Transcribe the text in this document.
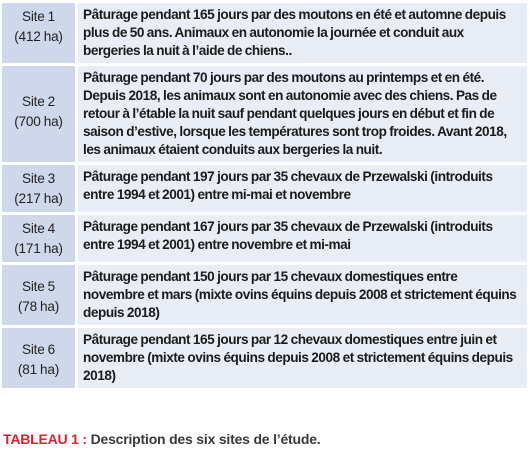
Site 1
(412 ha)	Pâturage pendant 165 jours par des moutons en été et automne depuis plus de 50 ans. Animaux en autonomie la journée et conduit aux bergeries la nuit à l’aide de chiens..

Site 2
(700 ha)	Pâturage pendant 70 jours par des moutons au printemps et en été. Depuis 2018, les animaux sont en autonomie avec des chiens. Pas de retour à l’étable la nuit sauf pendant quelques jours en début et fin de saison d’estive, lorsque les températures sont trop froides. Avant 2018, les animaux étaient conduits aux bergeries la nuit.

Site 3
(217 ha)	Pâturage pendant 197 jours par 35 chevaux de Przewalski (introduits entre 1994 et 2001) entre mi-mai et novembre

Site 4
(171 ha)	Pâturage pendant 167 jours par 35 chevaux de Przewalski (introduits entre 1994 et 2001) entre novembre et mi-mai

Site 5
(78 ha)	Pâturage pendant 150 jours par 15 chevaux domestiques entre novembre et mars (mixte ovins équins depuis 2008 et strictement équins depuis 2018)

Site 6
(81 ha)	Pâturage pendant 165 jours par 12 chevaux domestiques entre juin et novembre (mixte ovins équins depuis 2008 et strictement équins depuis 2018)
TABLEAU 1 : Description des six sites de l’étude.
